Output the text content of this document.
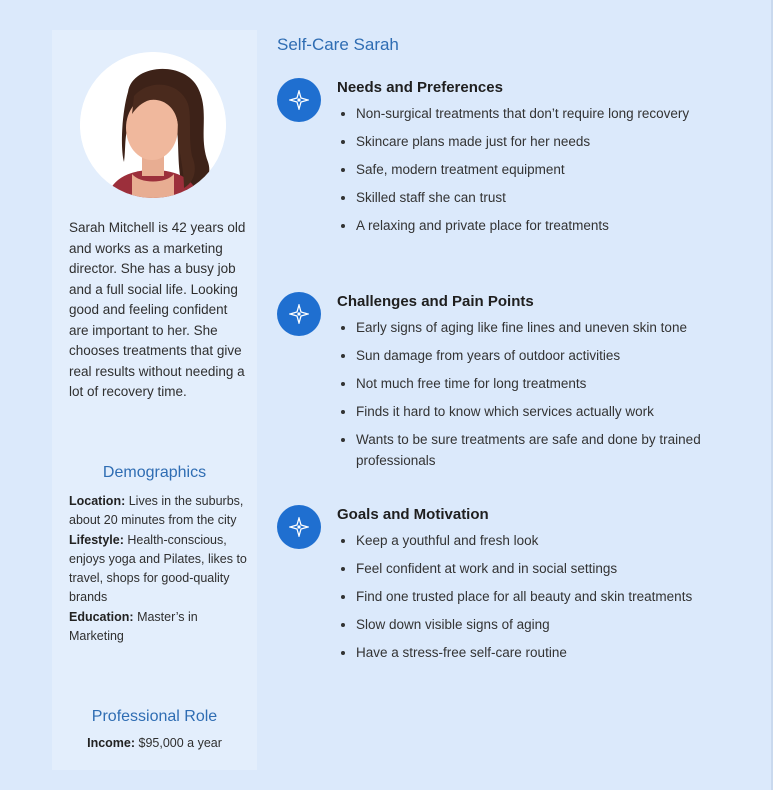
Sarah Mitchell is 42 years old and works as a marketing director. She has a busy job and a full social life. Looking good and feeling confident are important to her. She chooses treatments that give real results without needing a lot of recovery time.
Demographics
Location: Lives in the suburbs, about 20 minutes from the city
Lifestyle: Health-conscious, enjoys yoga and Pilates, likes to travel, shops for good-quality brands
Education: Master’s in Marketing
Professional Role
Income: $95,000 a year
Self-Care Sarah
Needs and Preferences
• Non-surgical treatments that don’t require long recovery
• Skincare plans made just for her needs
• Safe, modern treatment equipment
• Skilled staff she can trust
• A relaxing and private place for treatments
Challenges and Pain Points
• Early signs of aging like fine lines and uneven skin tone
• Sun damage from years of outdoor activities
• Not much free time for long treatments
• Finds it hard to know which services actually work
• Wants to be sure treatments are safe and done by trained professionals
Goals and Motivation
• Keep a youthful and fresh look
• Feel confident at work and in social settings
• Find one trusted place for all beauty and skin treatments
• Slow down visible signs of aging
• Have a stress-free self-care routine
